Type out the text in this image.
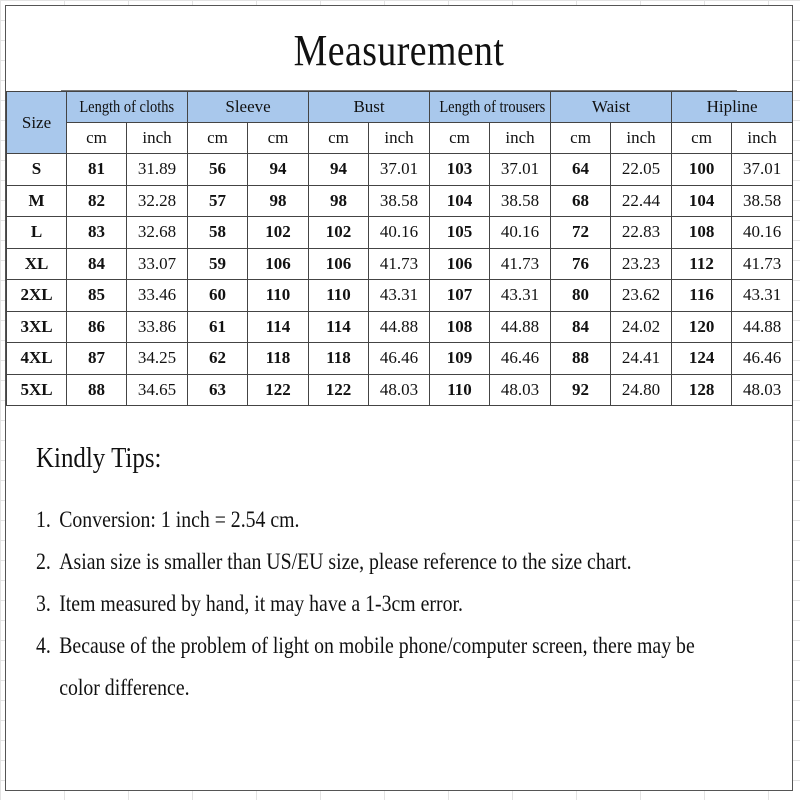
Measurement
Size	Length of cloths		Sleeve		Bust		Length of trousers		Waist		Hipline	
	cm	inch	cm	cm	cm	inch	cm	inch	cm	inch	cm	inch
S	81	31.89	56	94	94	37.01	103	37.01	64	22.05	100	37.01
M	82	32.28	57	98	98	38.58	104	38.58	68	22.44	104	38.58
L	83	32.68	58	102	102	40.16	105	40.16	72	22.83	108	40.16
XL	84	33.07	59	106	106	41.73	106	41.73	76	23.23	112	41.73
2XL	85	33.46	60	110	110	43.31	107	43.31	80	23.62	116	43.31
3XL	86	33.86	61	114	114	44.88	108	44.88	84	24.02	120	44.88
4XL	87	34.25	62	118	118	46.46	109	46.46	88	24.41	124	46.46
5XL	88	34.65	63	122	122	48.03	110	48.03	92	24.80	128	48.03
Kindly Tips:
1. Conversion: 1 inch = 2.54 cm.
2. Asian size is smaller than US/EU size, please reference to the size chart.
3. Item measured by hand, it may have a 1-3cm error.
4. Because of the problem of light on mobile phone/computer screen, there may be
color difference.
